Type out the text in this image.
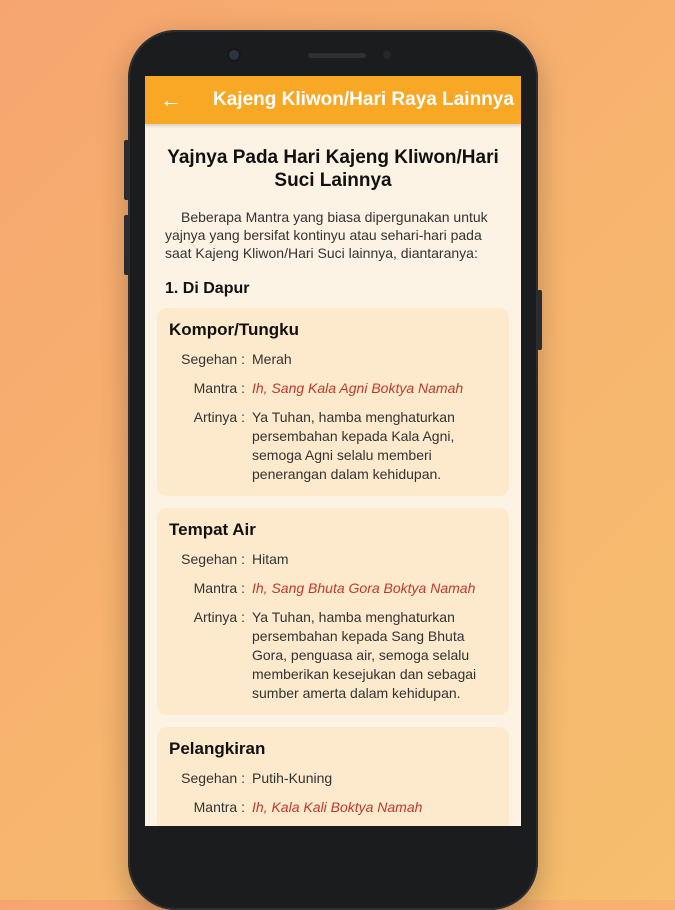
← Kajeng Kliwon/Hari Raya Lainnya
Yajnya Pada Hari Kajeng Kliwon/Hari Suci Lainnya
Beberapa Mantra yang biasa dipergunakan untuk yajnya yang bersifat kontinyu atau sehari-hari pada saat Kajeng Kliwon/Hari Suci lainnya, diantaranya:
1. Di Dapur
Kompor/Tungku
Segehan : Merah
Mantra : Ih, Sang Kala Agni Boktya Namah
Artinya : Ya Tuhan, hamba menghaturkan persembahan kepada Kala Agni, semoga Agni selalu memberi penerangan dalam kehidupan.
Tempat Air
Segehan : Hitam
Mantra : Ih, Sang Bhuta Gora Boktya Namah
Artinya : Ya Tuhan, hamba menghaturkan persembahan kepada Sang Bhuta Gora, penguasa air, semoga selalu memberikan kesejukan dan sebagai sumber amerta dalam kehidupan.
Pelangkiran
Segehan : Putih-Kuning
Mantra : Ih, Kala Kali Boktya Namah
